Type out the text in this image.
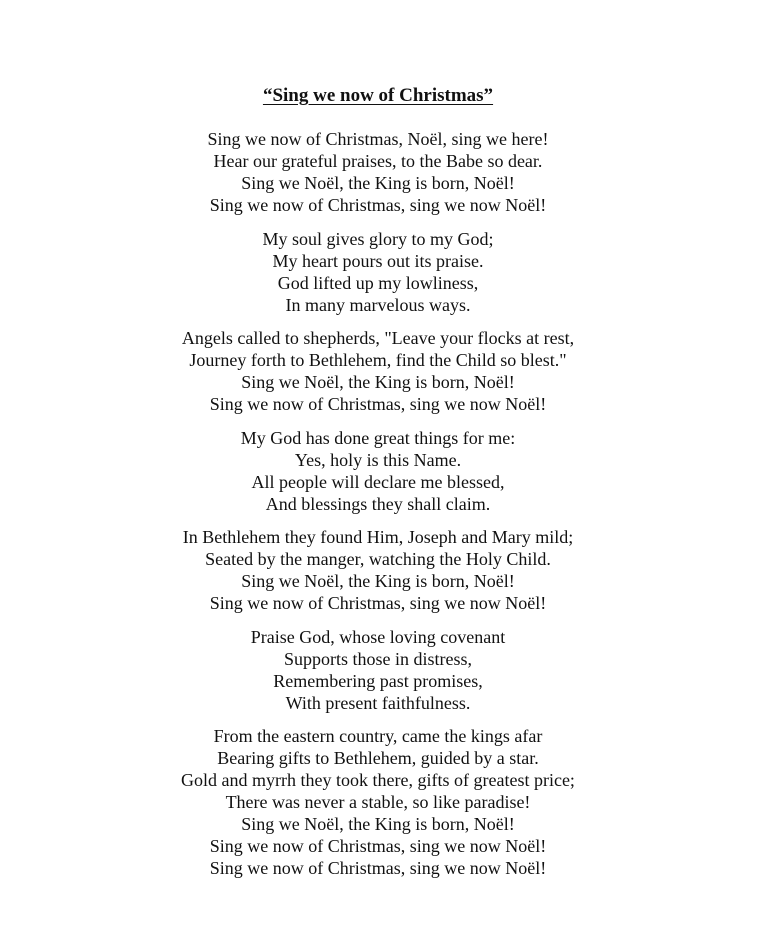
“Sing we now of Christmas”
Sing we now of Christmas, Noël, sing we here!
Hear our grateful praises, to the Babe so dear.
Sing we Noël, the King is born, Noël!
Sing we now of Christmas, sing we now Noël!
My soul gives glory to my God;
My heart pours out its praise.
God lifted up my lowliness,
In many marvelous ways.
Angels called to shepherds, "Leave your flocks at rest,
Journey forth to Bethlehem, find the Child so blest."
Sing we Noël, the King is born, Noël!
Sing we now of Christmas, sing we now Noël!
My God has done great things for me:
Yes, holy is this Name.
All people will declare me blessed,
And blessings they shall claim.
In Bethlehem they found Him, Joseph and Mary mild;
Seated by the manger, watching the Holy Child.
Sing we Noël, the King is born, Noël!
Sing we now of Christmas, sing we now Noël!
Praise God, whose loving covenant
Supports those in distress,
Remembering past promises,
With present faithfulness.
From the eastern country, came the kings afar
Bearing gifts to Bethlehem, guided by a star.
Gold and myrrh they took there, gifts of greatest price;
There was never a stable, so like paradise!
Sing we Noël, the King is born, Noël!
Sing we now of Christmas, sing we now Noël!
Sing we now of Christmas, sing we now Noël!
